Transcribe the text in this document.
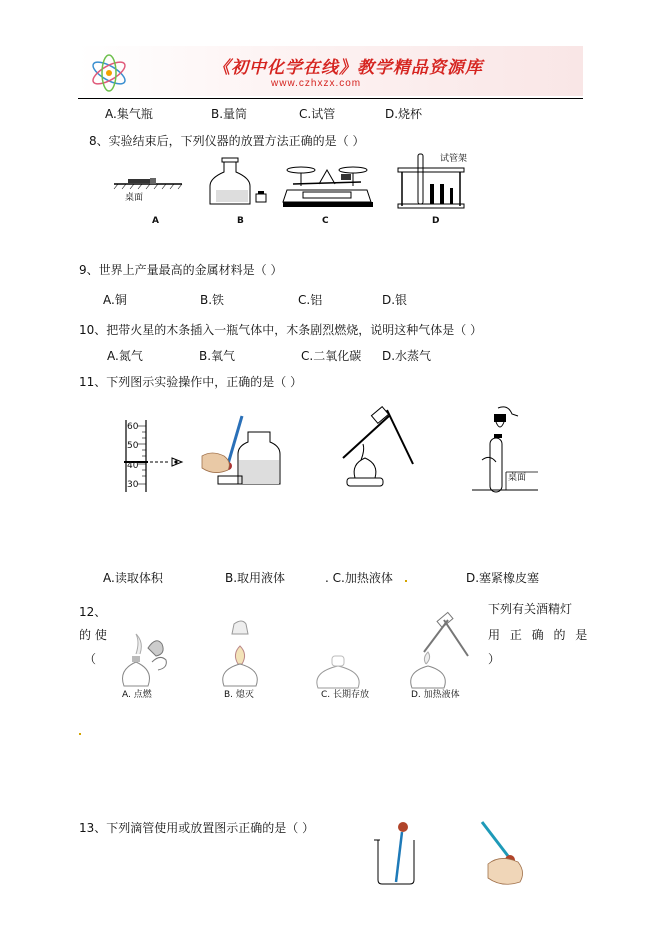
《初中化学在线》教学精品资源库
www.czhxzx.com
A.集气瓶	B.量筒	C.试管	D.烧杯
8、实验结束后，下列仪器的放置方法正确的是（ ）
桌面
试管架
A	B	C	D
9、世界上产量最高的金属材料是（ ）
A.铜	B.铁	C.铝	D.银
10、把带火星的木条插入一瓶气体中，木条剧烈燃烧，说明这种气体是（ ）
A.氮气	B.氧气	C.二氧化碳 D.水蒸气
11、下列图示实验操作中，正确的是（ ）
60
50
40
30
桌面
A.读取体积	B.取用液体	. C.加热液体	D.塞紧橡皮塞
12、
的 使
（
下列有关酒精灯
用 正 确 的 是
）
A. 点燃	B. 熄灭	C. 长期存放	D. 加热液体
13、下列滴管使用或放置图示正确的是（ ）
